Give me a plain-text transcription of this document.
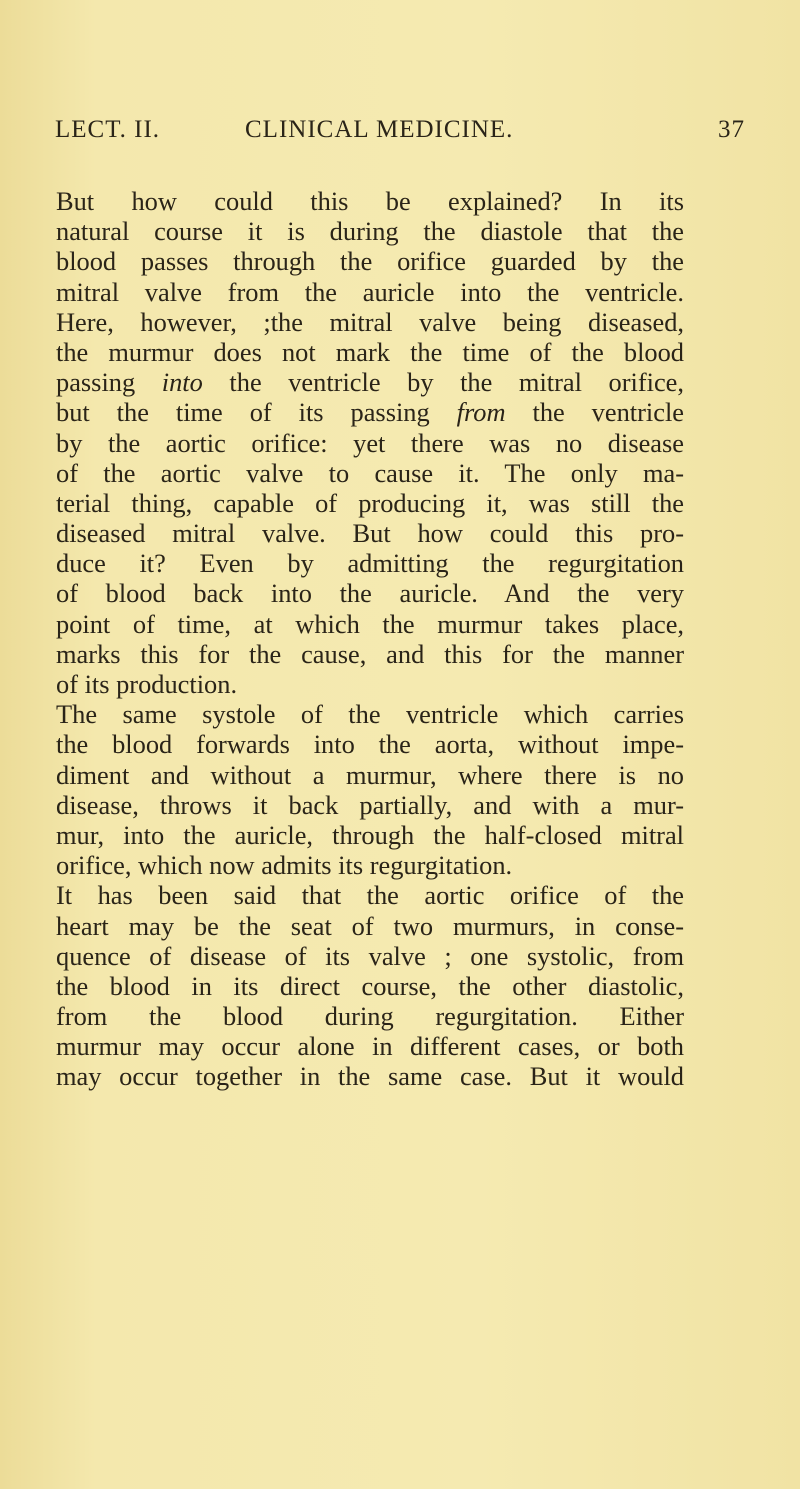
LECT. II.	CLINICAL MEDICINE.	37
But how could this be explained? In its
natural course it is during the diastole that the
blood passes through the orifice guarded by the
mitral valve from the auricle into the ventricle.
Here, however, ;the mitral valve being diseased,
the murmur does not mark the time of the blood
passing into the ventricle by the mitral orifice,
but the time of its passing from the ventricle
by the aortic orifice: yet there was no disease
of the aortic valve to cause it. The only ma-
terial thing, capable of producing it, was still the
diseased mitral valve. But how could this pro-
duce it? Even by admitting the regurgitation
of blood back into the auricle. And the very
point of time, at which the murmur takes place,
marks this for the cause, and this for the manner
of its production.
The same systole of the ventricle which carries
the blood forwards into the aorta, without impe-
diment and without a murmur, where there is no
disease, throws it back partially, and with a mur-
mur, into the auricle, through the half-closed mitral
orifice, which now admits its regurgitation.
It has been said that the aortic orifice of the
heart may be the seat of two murmurs, in conse-
quence of disease of its valve ; one systolic, from
the blood in its direct course, the other diastolic,
from the blood during regurgitation. Either
murmur may occur alone in different cases, or both
may occur together in the same case. But it would
